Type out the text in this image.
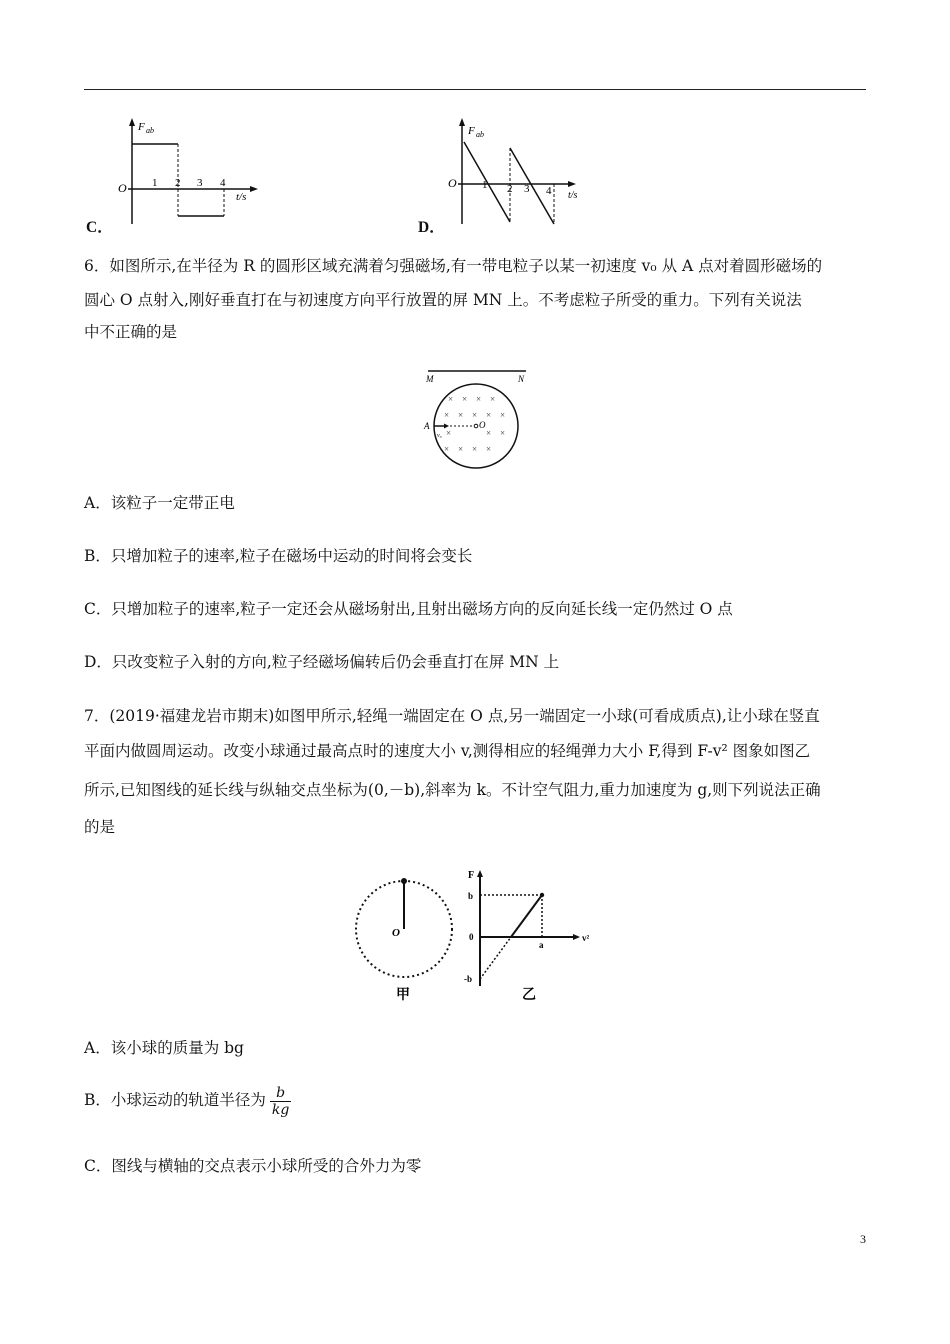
F ab
O 1 2 3 4
t/s
C．
F ab
O 1 2 3 4 t/s
D．
6．如图所示,在半径为 R 的圆形区域充满着匀强磁场,有一带电粒子以某一初速度 v₀ 从 A 点对着圆形磁场的
圆心 O 点射入,刚好垂直打在与初速度方向平行放置的屏 MN 上。不考虑粒子所受的重力。下列有关说法
中不正确的是
M	N
× × × ×
× × × × ×
×	× ×
× × × ×
A	O
v₀
A．该粒子一定带正电
B．只增加粒子的速率,粒子在磁场中运动的时间将会变长
C．只增加粒子的速率,粒子一定还会从磁场射出,且射出磁场方向的反向延长线一定仍然过 O 点
D．只改变粒子入射的方向,粒子经磁场偏转后仍会垂直打在屏 MN 上
7．(2019·福建龙岩市期末)如图甲所示,轻绳一端固定在 O 点,另一端固定一小球(可看成质点),让小球在竖直
平面内做圆周运动。改变小球通过最高点时的速度大小 v,测得相应的轻绳弹力大小 F,得到 F-v² 图象如图乙
所示,已知图线的延长线与纵轴交点坐标为(0,－b),斜率为 k。不计空气阻力,重力加速度为 g,则下列说法正确
的是
O
甲
F
b
0
-b
a
v²
乙
A．该小球的质量为 bg
B．小球运动的轨道半径为 $\frac{b}{kg}$
C．图线与横轴的交点表示小球所受的合外力为零
3
